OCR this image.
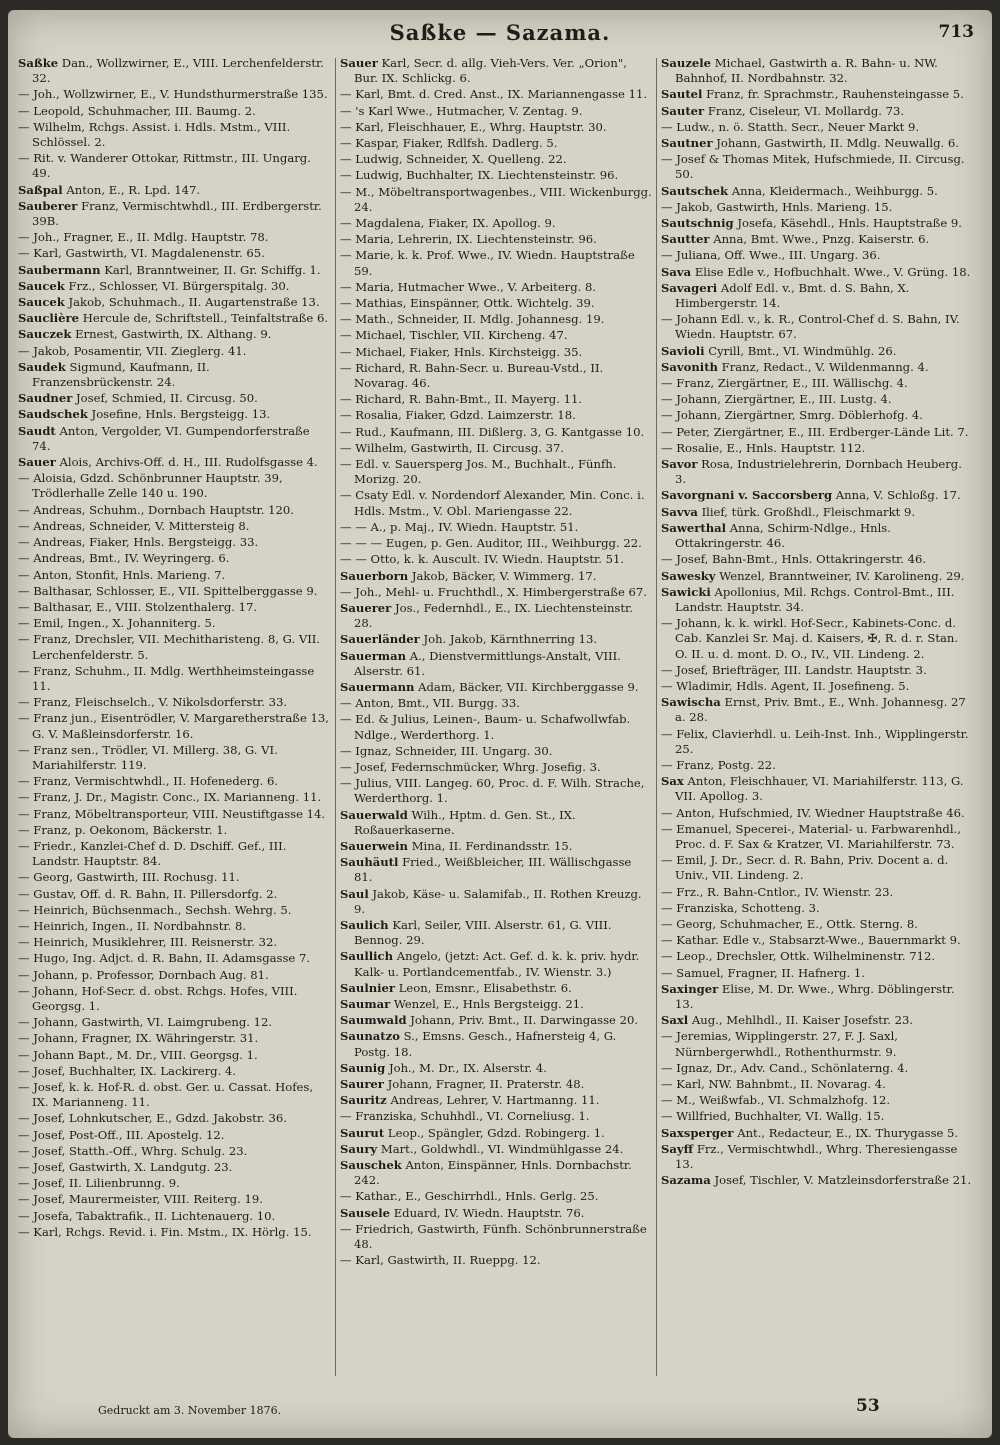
Saßke — Sazama.	713
Saßke Dan., Wollzwirner, E., VIII. Lerchenfelderstr. 32.
— Joh., Wollzwirner, E., V. Hundsthurmerstraße 135.
— Leopold, Schuhmacher, III. Baumg. 2.
— Wilhelm, Rchgs. Assist. i. Hdls. Mstm., VIII. Schlössel. 2.
— Rit. v. Wanderer Ottokar, Rittmstr., III. Ungarg. 49.
Saßpal Anton, E., R. Lpd. 147.
Sauberer Franz, Vermischtwhdl., III. Erdbergerstr. 39B.
— Joh., Fragner, E., II. Mdlg. Hauptstr. 78.
— Karl, Gastwirth, VI. Magdalenenstr. 65.
Saubermann Karl, Branntweiner, II. Gr. Schiffg. 1.
Saucek Frz., Schlosser, VI. Bürgerspitalg. 30.
Saucek Jakob, Schuhmach., II. Augartenstraße 13.
Sauclière Hercule de, Schriftstell., Teinfaltstraße 6.
Sauczek Ernest, Gastwirth, IX. Althang. 9.
— Jakob, Posamentir, VII. Zieglerg. 41.
Saudek Sigmund, Kaufmann, II. Franzensbrückenstr. 24.
Saudner Josef, Schmied, II. Circusg. 50.
Saudschek Josefine, Hnls. Bergsteigg. 13.
Saudt Anton, Vergolder, VI. Gumpendorferstraße 74.
Sauer Alois, Archivs-Off. d. H., III. Rudolfsgasse 4.
— Aloisia, Gdzd. Schönbrunner Hauptstr. 39, Trödlerhalle Zelle 140 u. 190.
— Andreas, Schuhm., Dornbach Hauptstr. 120.
— Andreas, Schneider, V. Mittersteig 8.
— Andreas, Fiaker, Hnls. Bergsteigg. 33.
— Andreas, Bmt., IV. Weyringerg. 6.
— Anton, Stonfit, Hnls. Marieng. 7.
— Balthasar, Schlosser, E., VII. Spittelberggasse 9.
— Balthasar, E., VIII. Stolzenthalerg. 17.
— Emil, Ingen., X. Johanniterg. 5.
— Franz, Drechsler, VII. Mechitharisteng. 8, G. VII. Lerchenfelderstr. 5.
— Franz, Schuhm., II. Mdlg. Werthheimsteingasse 11.
— Franz, Fleischselch., V. Nikolsdorferstr. 33.
— Franz jun., Eisentrödler, V. Margaretherstraße 13, G. V. Maßleinsdorferstr. 16.
— Franz sen., Trödler, VI. Millerg. 38, G. VI. Mariahilferstr. 119.
— Franz, Vermischtwhdl., II. Hofenederg. 6.
— Franz, J. Dr., Magistr. Conc., IX. Marianneng. 11.
— Franz, Möbeltransporteur, VIII. Neustiftgasse 14.
— Franz, p. Oekonom, Bäckerstr. 1.
— Friedr., Kanzlei-Chef d. D. Dschiff. Gef., III. Landstr. Hauptstr. 84.
— Georg, Gastwirth, III. Rochusg. 11.
— Gustav, Off. d. R. Bahn, II. Pillersdorfg. 2.
— Heinrich, Büchsenmach., Sechsh. Wehrg. 5.
— Heinrich, Ingen., II. Nordbahnstr. 8.
— Heinrich, Musiklehrer, III. Reisnerstr. 32.
— Hugo, Ing. Adjct. d. R. Bahn, II. Adamsgasse 7.
— Johann, p. Professor, Dornbach Aug. 81.
— Johann, Hof-Secr. d. obst. Rchgs. Hofes, VIII. Georgsg. 1.
— Johann, Gastwirth, VI. Laimgrubeng. 12.
— Johann, Fragner, IX. Währingerstr. 31.
— Johann Bapt., M. Dr., VIII. Georgsg. 1.
— Josef, Buchhalter, IX. Lackirerg. 4.
— Josef, k. k. Hof-R. d. obst. Ger. u. Cassat. Hofes, IX. Marianneng. 11.
— Josef, Lohnkutscher, E., Gdzd. Jakobstr. 36.
— Josef, Post-Off., III. Apostelg. 12.
— Josef, Statth.-Off., Whrg. Schulg. 23.
— Josef, Gastwirth, X. Landgutg. 23.
— Josef, II. Lilienbrunng. 9.
— Josef, Maurermeister, VIII. Reiterg. 19.
— Josefa, Tabaktrafik., II. Lichtenauerg. 10.
— Karl, Rchgs. Revid. i. Fin. Mstm., IX. Hörlg. 15.
Sauer Karl, Secr. d. allg. Vieh-Vers. Ver. „Orion", Bur. IX. Schlickg. 6.
— Karl, Bmt. d. Cred. Anst., IX. Mariannengasse 11.
— 's Karl Wwe., Hutmacher, V. Zentag. 9.
— Karl, Fleischhauer, E., Whrg. Hauptstr. 30.
— Kaspar, Fiaker, Rdlfsh. Dadlerg. 5.
— Ludwig, Schneider, X. Quelleng. 22.
— Ludwig, Buchhalter, IX. Liechtensteinstr. 96.
— M., Möbeltransportwagenbes., VIII. Wickenburgg. 24.
— Magdalena, Fiaker, IX. Apollog. 9.
— Maria, Lehrerin, IX. Liechtensteinstr. 96.
— Marie, k. k. Prof. Wwe., IV. Wiedn. Hauptstraße 59.
— Maria, Hutmacher Wwe., V. Arbeiterg. 8.
— Mathias, Einspänner, Ottk. Wichtelg. 39.
— Math., Schneider, II. Mdlg. Johannesg. 19.
— Michael, Tischler, VII. Kircheng. 47.
— Michael, Fiaker, Hnls. Kirchsteigg. 35.
— Richard, R. Bahn-Secr. u. Bureau-Vstd., II. Novarag. 46.
— Richard, R. Bahn-Bmt., II. Mayerg. 11.
— Rosalia, Fiaker, Gdzd. Laimzerstr. 18.
— Rud., Kaufmann, III. Dißlerg. 3, G. Kantgasse 10.
— Wilhelm, Gastwirth, II. Circusg. 37.
— Edl. v. Sauersperg Jos. M., Buchhalt., Fünfh. Morizg. 20.
— Csaty Edl. v. Nordendorf Alexander, Min. Conc. i. Hdls. Mstm., V. Obl. Mariengasse 22.
— — A., p. Maj., IV. Wiedn. Hauptstr. 51.
— — — Eugen, p. Gen. Auditor, III., Weihburgg. 22.
— — Otto, k. k. Auscult. IV. Wiedn. Hauptstr. 51.
Sauerborn Jakob, Bäcker, V. Wimmerg. 17.
— Joh., Mehl- u. Fruchthdl., X. Himbergerstraße 67.
Sauerer Jos., Federnhdl., E., IX. Liechtensteinstr. 28.
Sauerländer Joh. Jakob, Kärnthnerring 13.
Sauerman A., Dienstvermittlungs-Anstalt, VIII. Alserstr. 61.
Sauermann Adam, Bäcker, VII. Kirchberggasse 9.
— Anton, Bmt., VII. Burgg. 33.
— Ed. & Julius, Leinen-, Baum- u. Schafwollwfab. Ndlge., Werderthorg. 1.
— Ignaz, Schneider, III. Ungarg. 30.
— Josef, Federnschmücker, Whrg. Josefig. 3.
— Julius, VIII. Langeg. 60, Proc. d. F. Wilh. Strache, Werderthorg. 1.
Sauerwald Wilh., Hptm. d. Gen. St., IX. Roßauerkaserne.
Sauerwein Mina, II. Ferdinandsstr. 15.
Sauhäutl Fried., Weißbleicher, III. Wällischgasse 81.
Saul Jakob, Käse- u. Salamifab., II. Rothen Kreuzg. 9.
Saulich Karl, Seiler, VIII. Alserstr. 61, G. VIII. Bennog. 29.
Saullich Angelo, (jetzt: Act. Gef. d. k. k. priv. hydr. Kalk- u. Portlandcementfab., IV. Wienstr. 3.)
Saulnier Leon, Emsnr., Elisabethstr. 6.
Saumar Wenzel, E., Hnls Bergsteigg. 21.
Saumwald Johann, Priv. Bmt., II. Darwingasse 20.
Saunatzo S., Emsns. Gesch., Hafnersteig 4, G. Postg. 18.
Saunig Joh., M. Dr., IX. Alserstr. 4.
Saurer Johann, Fragner, II. Praterstr. 48.
Sauritz Andreas, Lehrer, V. Hartmanng. 11.
— Franziska, Schuhhdl., VI. Corneliusg. 1.
Saurut Leop., Spängler, Gdzd. Robingerg. 1.
Saury Mart., Goldwhdl., VI. Windmühlgasse 24.
Sauschek Anton, Einspänner, Hnls. Dornbachstr. 242.
— Kathar., E., Geschirrhdl., Hnls. Gerlg. 25.
Sausele Eduard, IV. Wiedn. Hauptstr. 76.
— Friedrich, Gastwirth, Fünfh. Schönbrunnerstraße 48.
— Karl, Gastwirth, II. Rueppg. 12.
Sauzele Michael, Gastwirth a. R. Bahn- u. NW. Bahnhof, II. Nordbahnstr. 32.
Sautel Franz, fr. Sprachmstr., Rauhensteingasse 5.
Sauter Franz, Ciseleur, VI. Mollardg. 73.
— Ludw., n. ö. Statth. Secr., Neuer Markt 9.
Sautner Johann, Gastwirth, II. Mdlg. Neuwallg. 6.
— Josef & Thomas Mitek, Hufschmiede, II. Circusg. 50.
Sautschek Anna, Kleidermach., Weihburgg. 5.
— Jakob, Gastwirth, Hnls. Marieng. 15.
Sautschnig Josefa, Käsehdl., Hnls. Hauptstraße 9.
Sautter Anna, Bmt. Wwe., Pnzg. Kaiserstr. 6.
— Juliana, Off. Wwe., III. Ungarg. 36.
Sava Elise Edle v., Hofbuchhalt. Wwe., V. Grüng. 18.
Savageri Adolf Edl. v., Bmt. d. S. Bahn, X. Himbergerstr. 14.
— Johann Edl. v., k. R., Control-Chef d. S. Bahn, IV. Wiedn. Hauptstr. 67.
Savioli Cyrill, Bmt., VI. Windmühlg. 26.
Savonith Franz, Redact., V. Wildenmanng. 4.
— Franz, Ziergärtner, E., III. Wällischg. 4.
— Johann, Ziergärtner, E., III. Lustg. 4.
— Johann, Ziergärtner, Smrg. Döblerhofg. 4.
— Peter, Ziergärtner, E., III. Erdberger-Lände Lit. 7.
— Rosalie, E., Hnls. Hauptstr. 112.
Savor Rosa, Industrielehrerin, Dornbach Heuberg. 3.
Savorgnani v. Saccorsberg Anna, V. Schloßg. 17.
Savva Ilief, türk. Großhdl., Fleischmarkt 9.
Sawerthal Anna, Schirm-Ndlge., Hnls. Ottakringerstr. 46.
— Josef, Bahn-Bmt., Hnls. Ottakringerstr. 46.
Sawesky Wenzel, Branntweiner, IV. Karolineng. 29.
Sawicki Apollonius, Mil. Rchgs. Control-Bmt., III. Landstr. Hauptstr. 34.
— Johann, k. k. wirkl. Hof-Secr., Kabinets-Conc. d. Cab. Kanzlei Sr. Maj. d. Kaisers, ✠, R. d. r. Stan. O. II. u. d. mont. D. O., IV., VII. Lindeng. 2.
— Josef, Briefträger, III. Landstr. Hauptstr. 3.
— Wladimir, Hdls. Agent, II. Josefineng. 5.
Sawischa Ernst, Priv. Bmt., E., Wnh. Johannesg. 27 a. 28.
— Felix, Clavierhdl. u. Leih-Inst. Inh., Wipplingerstr. 25.
— Franz, Postg. 22.
Sax Anton, Fleischhauer, VI. Mariahilferstr. 113, G. VII. Apollog. 3.
— Anton, Hufschmied, IV. Wiedner Hauptstraße 46.
— Emanuel, Specerei-, Material- u. Farbwarenhdl., Proc. d. F. Sax & Kratzer, VI. Mariahilferstr. 73.
— Emil, J. Dr., Secr. d. R. Bahn, Priv. Docent a. d. Univ., VII. Lindeng. 2.
— Frz., R. Bahn-Cntlor., IV. Wienstr. 23.
— Franziska, Schotteng. 3.
— Georg, Schuhmacher, E., Ottk. Sterng. 8.
— Kathar. Edle v., Stabsarzt-Wwe., Bauernmarkt 9.
— Leop., Drechsler, Ottk. Wilhelminenstr. 712.
— Samuel, Fragner, II. Hafnerg. 1.
Saxinger Elise, M. Dr. Wwe., Whrg. Döblingerstr. 13.
Saxl Aug., Mehlhdl., II. Kaiser Josefstr. 23.
— Jeremias, Wipplingerstr. 27, F. J. Saxl, Nürnbergerwhdl., Rothenthurmstr. 9.
— Ignaz, Dr., Adv. Cand., Schönlaterng. 4.
— Karl, NW. Bahnbmt., II. Novarag. 4.
— M., Weißwfab., VI. Schmalzhofg. 12.
— Willfried, Buchhalter, VI. Wallg. 15.
Saxsperger Ant., Redacteur, E., IX. Thurygasse 5.
Sayff Frz., Vermischtwhdl., Whrg. Theresiengasse 13.
Sazama Josef, Tischler, V. Matzleinsdorferstraße 21.
Gedruckt am 3. November 1876.	53
